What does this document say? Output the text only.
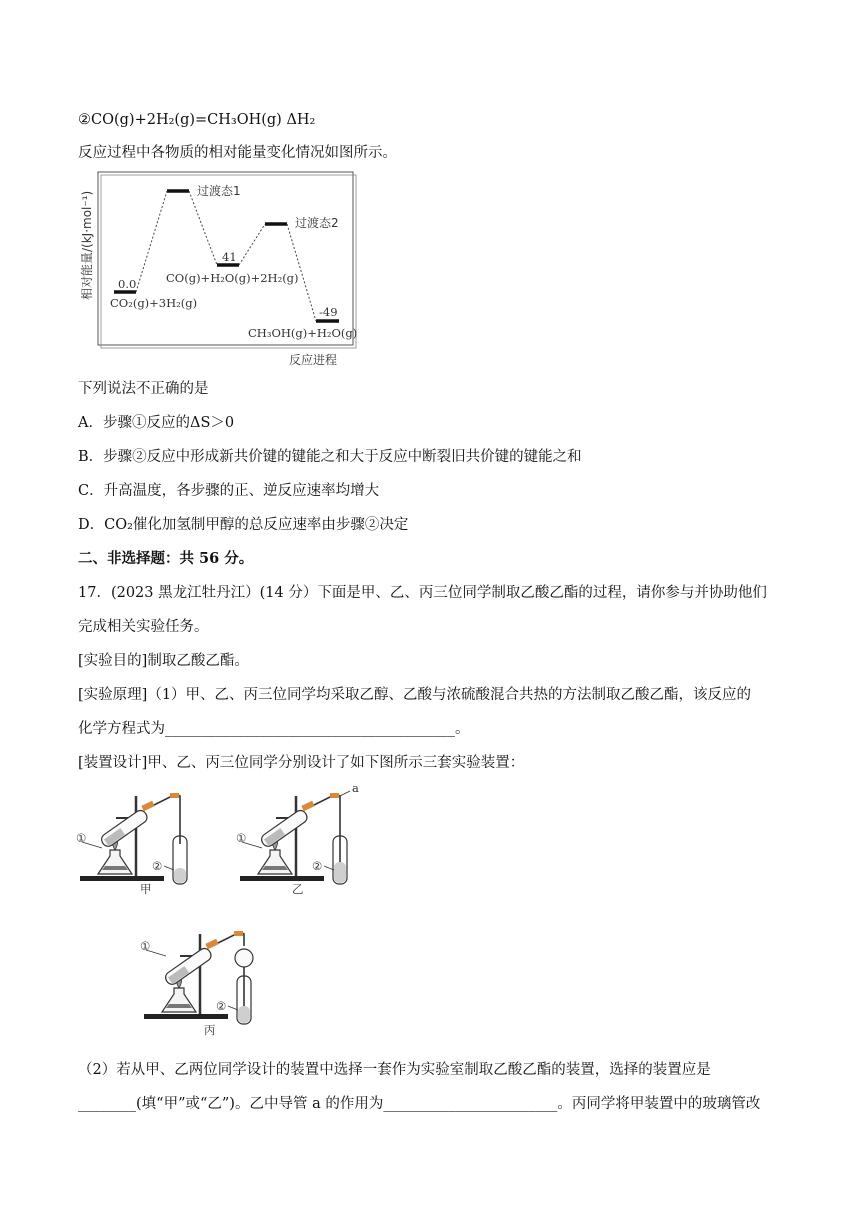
②CO(g)+2H₂(g)=CH₃OH(g) ΔH₂
反应过程中各物质的相对能量变化情况如图所示。
相对能量/(kJ·mol⁻¹)	过渡态1
过渡态2
0.0
CO₂(g)+3H₂(g)
41
CO(g)+H₂O(g)+2H₂(g)
-49
CH₃OH(g)+H₂O(g)
反应进程
下列说法不正确的是
A．步骤①反应的ΔS＞0
B．步骤②反应中形成新共价键的键能之和大于反应中断裂旧共价键的键能之和
C．升高温度，各步骤的正、逆反应速率均增大
D．CO₂催化加氢制甲醇的总反应速率由步骤②决定
二、非选择题：共 56 分。
17．(2023 黑龙江牡丹江）(14 分）下面是甲、乙、丙三位同学制取乙酸乙酯的过程，请你参与并协助他们
完成相关实验任务。
[实验目的]制取乙酸乙酯。
[实验原理]（1）甲、乙、丙三位同学均采取乙醇、乙酸与浓硫酸混合共热的方法制取乙酸乙酯，该反应的
化学方程式为________________________________________。
[装置设计]甲、乙、丙三位同学分别设计了如下图所示三套实验装置：
①
②
甲
a
①
②
乙
①
②
丙
（2）若从甲、乙两位同学设计的装置中选择一套作为实验室制取乙酸乙酯的装置，选择的装置应是
________(填“甲”或“乙”)。乙中导管 a 的作用为________________________。丙同学将甲装置中的玻璃管改
